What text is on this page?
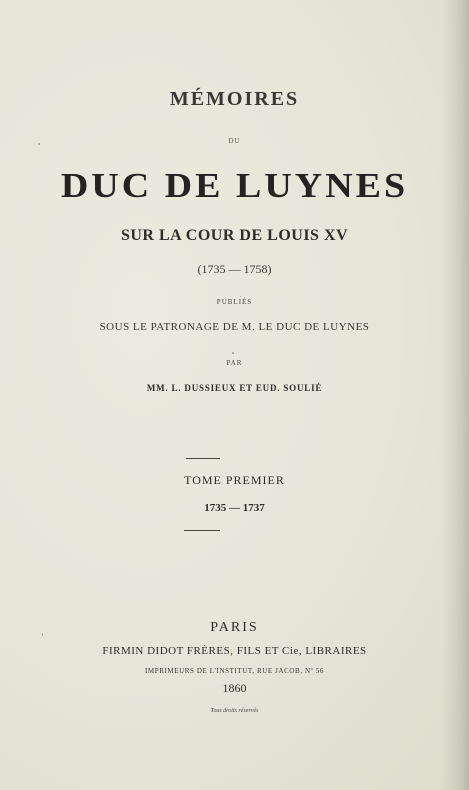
MÉMOIRES
DU
DUC DE LUYNES
SUR LA COUR DE LOUIS XV
(1735 — 1758)
PUBLIÉS
SOUS LE PATRONAGE DE M. LE DUC DE LUYNES
PAR
MM. L. DUSSIEUX ET EUD. SOULIÉ
TOME PREMIER
1735 — 1737
PARIS
FIRMIN DIDOT FRÈRES, FILS ET Cie, LIBRAIRES
IMPRIMEURS DE L'INSTITUT, RUE JACOB, Nº 56
1860
Tous droits réservés
